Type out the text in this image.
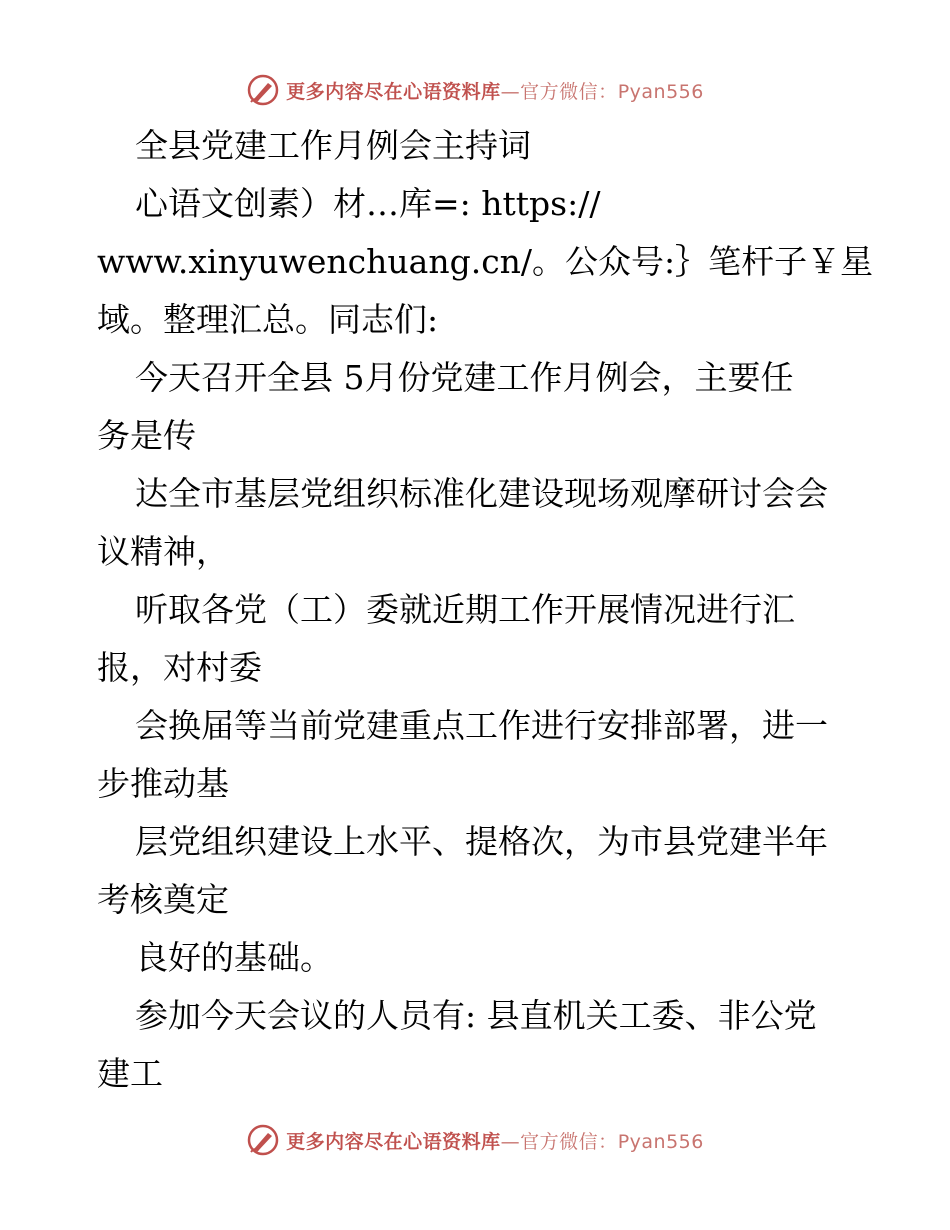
更多内容尽在心语资料库—官方微信：Pyan556
全县党建工作月例会主持词
心语文创素）材…库=: https://
www.xinyuwenchuang.cn/。公众号:｝笔杆子￥星
域。整理汇总。同志们:
今天召开全县 5月份党建工作月例会，主要任
务是传
达全市基层党组织标准化建设现场观摩研讨会会
议精神，
听取各党（工）委就近期工作开展情况进行汇
报，对村委
会换届等当前党建重点工作进行安排部署，进一
步推动基
层党组织建设上水平、提格次，为市县党建半年
考核奠定
良好的基础。
参加今天会议的人员有: 县直机关工委、非公党
建工
更多内容尽在心语资料库—官方微信：Pyan556
